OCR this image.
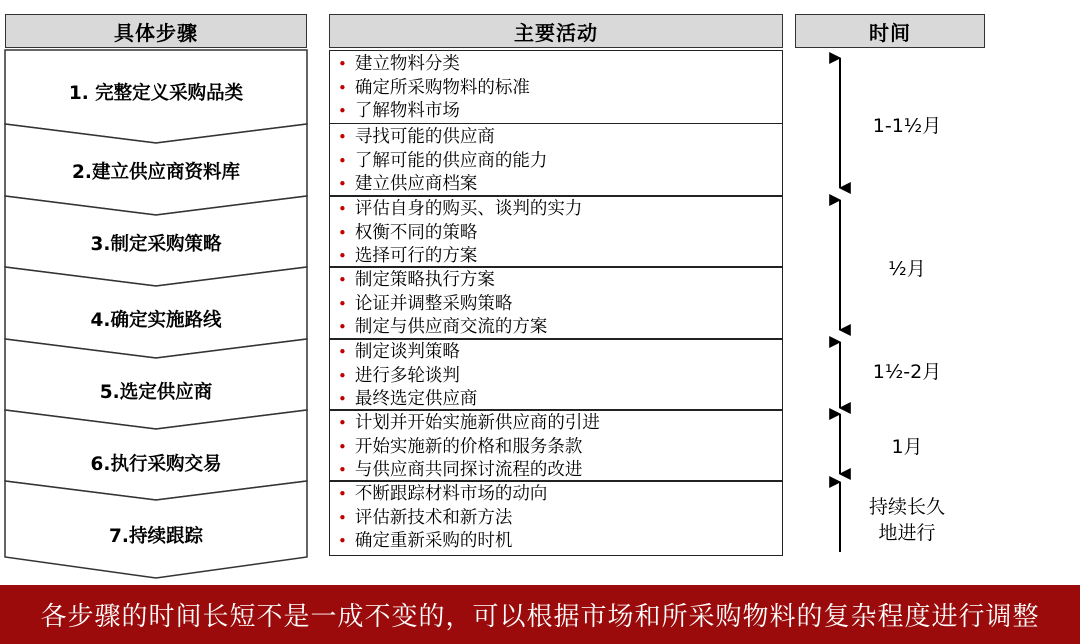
具体步骤	主要活动	时间
1. 完整定义采购品类
2.建立供应商资料库
3.制定采购策略
4.确定实施路线
5.选定供应商
6.执行采购交易
7.持续跟踪
• 建立物料分类
• 确定所采购物料的标准
• 了解物料市场
• 寻找可能的供应商
• 了解可能的供应商的能力
• 建立供应商档案
• 评估自身的购买、谈判的实力
• 权衡不同的策略
• 选择可行的方案
• 制定策略执行方案
• 论证并调整采购策略
• 制定与供应商交流的方案
• 制定谈判策略
• 进行多轮谈判
• 最终选定供应商
• 计划并开始实施新供应商的引进
• 开始实施新的价格和服务条款
• 与供应商共同探讨流程的改进
• 不断跟踪材料市场的动向
• 评估新技术和新方法
• 确定重新采购的时机
1-1½月
½月
1½-2月
1月
持续长久
地进行
各步骤的时间长短不是一成不变的，可以根据市场和所采购物料的复杂程度进行调整
